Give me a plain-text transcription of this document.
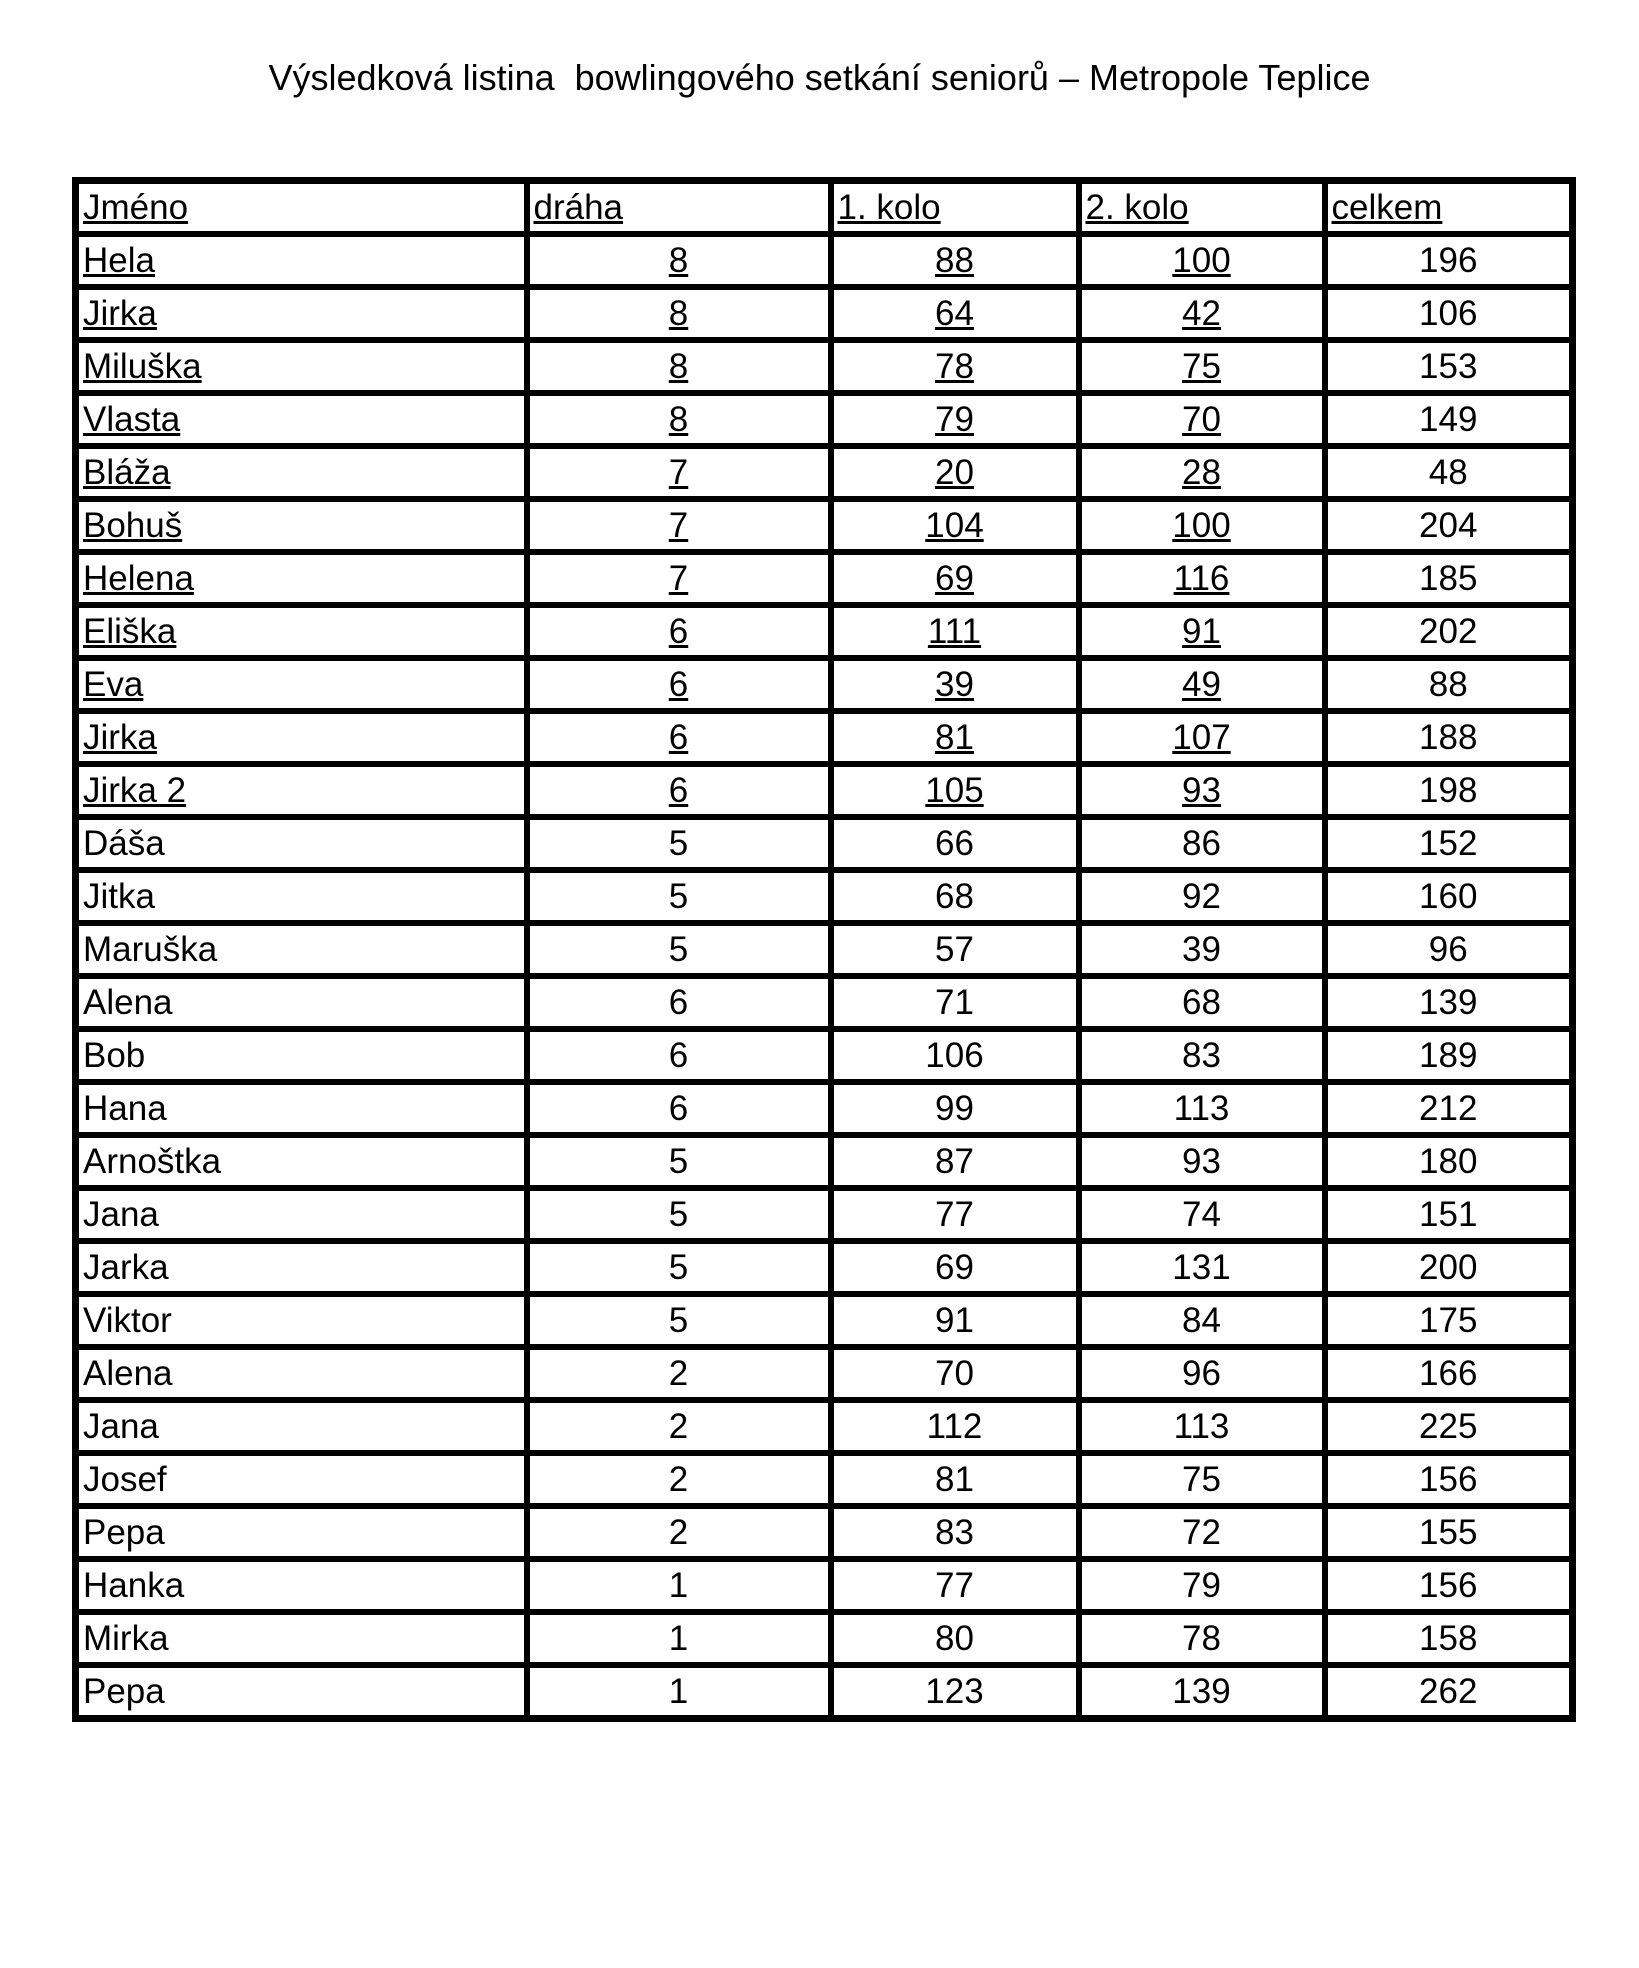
Výsledková listina  bowlingového setkání seniorů – Metropole Teplice
Jméno	dráha	1. kolo	2. kolo	celkem
Hela	8	88	100	196
Jirka	8	64	42	106
Miluška	8	78	75	153
Vlasta	8	79	70	149
Bláža	7	20	28	48
Bohuš	7	104	100	204
Helena	7	69	116	185
Eliška	6	111	91	202
Eva	6	39	49	88
Jirka	6	81	107	188
Jirka 2	6	105	93	198
Dáša	5	66	86	152
Jitka	5	68	92	160
Maruška	5	57	39	96
Alena	6	71	68	139
Bob	6	106	83	189
Hana	6	99	113	212
Arnoštka	5	87	93	180
Jana	5	77	74	151
Jarka	5	69	131	200
Viktor	5	91	84	175
Alena	2	70	96	166
Jana	2	112	113	225
Josef	2	81	75	156
Pepa	2	83	72	155
Hanka	1	77	79	156
Mirka	1	80	78	158
Pepa	1	123	139	262
